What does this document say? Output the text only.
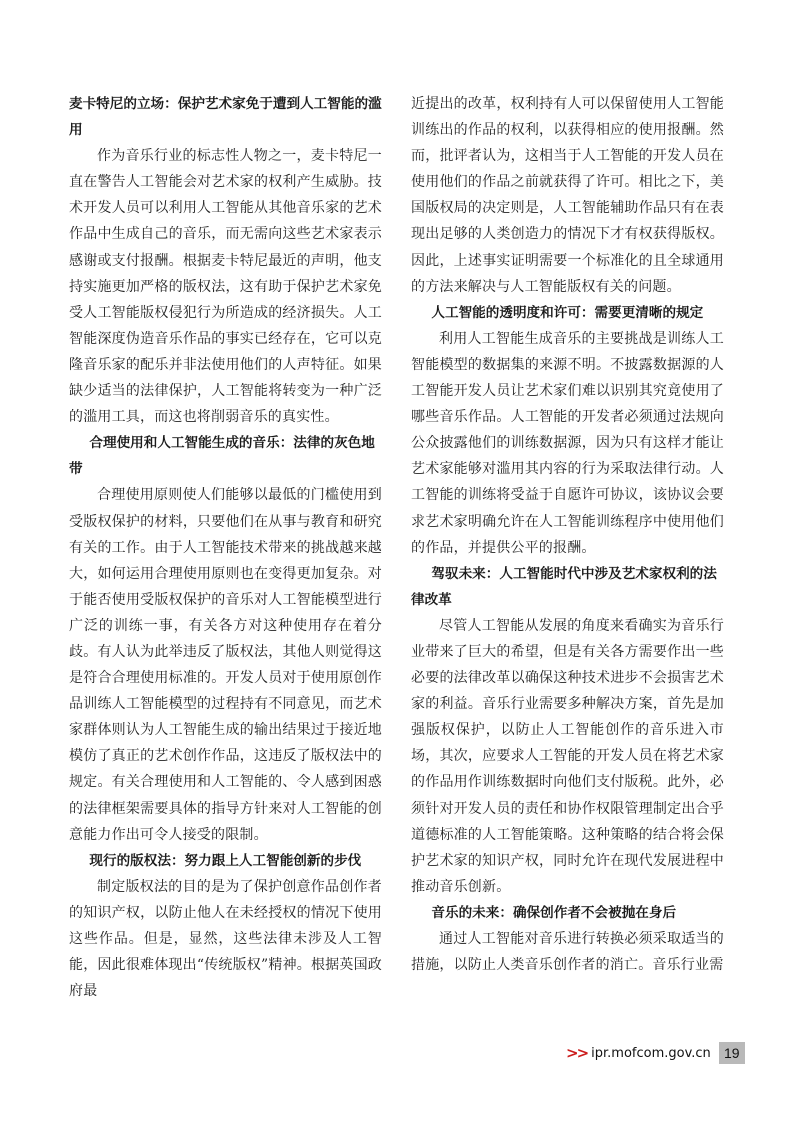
麦卡特尼的立场：保护艺术家免于遭到人工智能的滥用

作为音乐行业的标志性人物之一，麦卡特尼一直在警告人工智能会对艺术家的权利产生威胁。技术开发人员可以利用人工智能从其他音乐家的艺术作品中生成自己的音乐，而无需向这些艺术家表示感谢或支付报酬。根据麦卡特尼最近的声明，他支持实施更加严格的版权法，这有助于保护艺术家免受人工智能版权侵犯行为所造成的经济损失。人工智能深度伪造音乐作品的事实已经存在，它可以克隆音乐家的配乐并非法使用他们的人声特征。如果缺少适当的法律保护，人工智能将转变为一种广泛的滥用工具，而这也将削弱音乐的真实性。

合理使用和人工智能生成的音乐：法律的灰色地带

合理使用原则使人们能够以最低的门槛使用到受版权保护的材料，只要他们在从事与教育和研究有关的工作。由于人工智能技术带来的挑战越来越大，如何运用合理使用原则也在变得更加复杂。对于能否使用受版权保护的音乐对人工智能模型进行广泛的训练一事，有关各方对这种使用存在着分歧。有人认为此举违反了版权法，其他人则觉得这是符合合理使用标准的。开发人员对于使用原创作品训练人工智能模型的过程持有不同意见，而艺术家群体则认为人工智能生成的输出结果过于接近地模仿了真正的艺术创作作品，这违反了版权法中的规定。有关合理使用和人工智能的、令人感到困惑的法律框架需要具体的指导方针来对人工智能的创意能力作出可令人接受的限制。

现行的版权法：努力跟上人工智能创新的步伐

制定版权法的目的是为了保护创意作品创作者的知识产权，以防止他人在未经授权的情况下使用这些作品。但是，显然，这些法律未涉及人工智能，因此很难体现出“传统版权”精神。根据英国政府最

近提出的改革，权利持有人可以保留使用人工智能训练出的作品的权利，以获得相应的使用报酬。然而，批评者认为，这相当于人工智能的开发人员在使用他们的作品之前就获得了许可。相比之下，美国版权局的决定则是，人工智能辅助作品只有在表现出足够的人类创造力的情况下才有权获得版权。因此，上述事实证明需要一个标准化的且全球通用的方法来解决与人工智能版权有关的问题。

人工智能的透明度和许可：需要更清晰的规定

利用人工智能生成音乐的主要挑战是训练人工智能模型的数据集的来源不明。不披露数据源的人工智能开发人员让艺术家们难以识别其究竟使用了哪些音乐作品。人工智能的开发者必须通过法规向公众披露他们的训练数据源，因为只有这样才能让艺术家能够对滥用其内容的行为采取法律行动。人工智能的训练将受益于自愿许可协议，该协议会要求艺术家明确允许在人工智能训练程序中使用他们的作品，并提供公平的报酬。

驾驭未来：人工智能时代中涉及艺术家权利的法律改革

尽管人工智能从发展的角度来看确实为音乐行业带来了巨大的希望，但是有关各方需要作出一些必要的法律改革以确保这种技术进步不会损害艺术家的利益。音乐行业需要多种解决方案，首先是加强版权保护，以防止人工智能创作的音乐进入市场，其次，应要求人工智能的开发人员在将艺术家的作品用作训练数据时向他们支付版税。此外，必须针对开发人员的责任和协作权限管理制定出合乎道德标准的人工智能策略。这种策略的结合将会保护艺术家的知识产权，同时允许在现代发展进程中推动音乐创新。

音乐的未来：确保创作者不会被抛在身后

通过人工智能对音乐进行转换必须采取适当的措施，以防止人类音乐创作者的消亡。音乐行业需

>> ipr.mofcom.gov.cn 19
